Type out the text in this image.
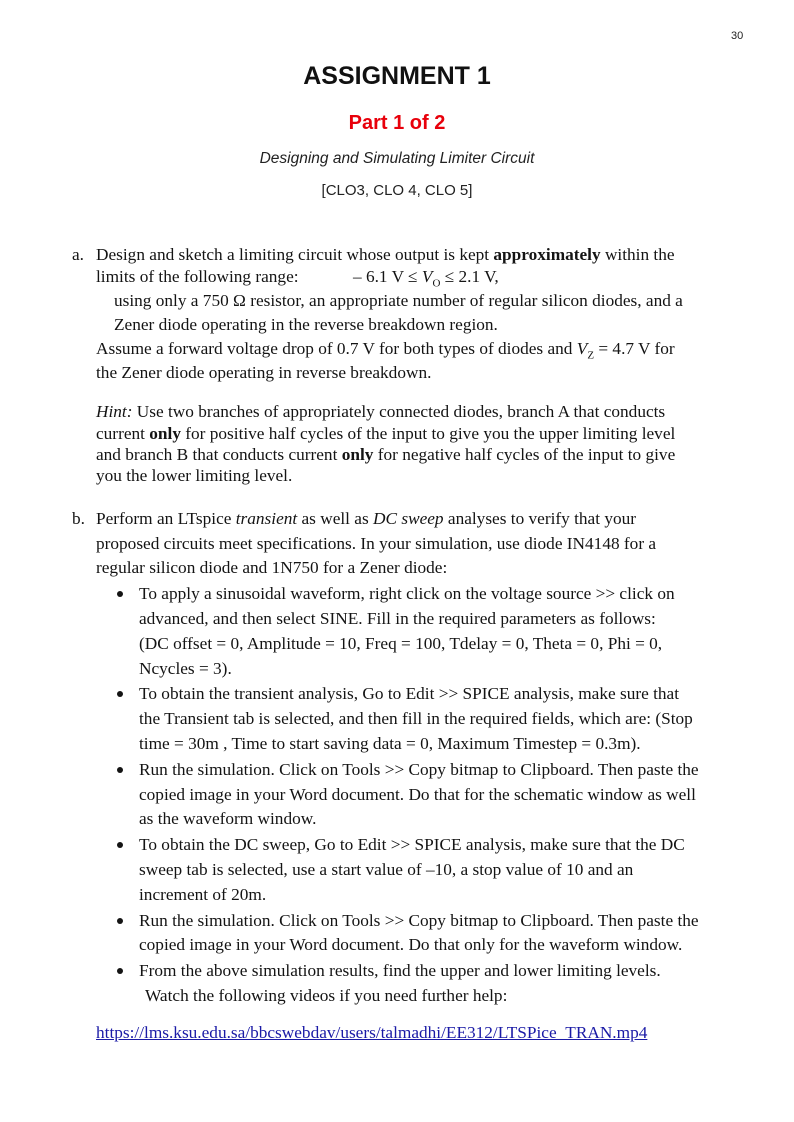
30
ASSIGNMENT 1
Part 1 of 2
Designing and Simulating Limiter Circuit
[CLO3, CLO 4, CLO 5]
a. Design and sketch a limiting circuit whose output is kept approximately within the
limits of the following range:	– 6.1 $V \le V_O \le 2.1$ V,
using only a 750 Ω resistor, an appropriate number of regular silicon diodes, and a
Zener diode operating in the reverse breakdown region.
Assume a forward voltage drop of 0.7 V for both types of diodes and $V_Z = 4.7$ V for
the Zener diode operating in reverse breakdown.
Hint: Use two branches of appropriately connected diodes, branch A that conducts
current only for positive half cycles of the input to give you the upper limiting level
and branch B that conducts current only for negative half cycles of the input to give
you the lower limiting level.
b. Perform an LTspice transient as well as DC sweep analyses to verify that your
proposed circuits meet specifications. In your simulation, use diode IN4148 for a
regular silicon diode and 1N750 for a Zener diode:
To apply a sinusoidal waveform, right click on the voltage source >> click on
advanced, and then select SINE. Fill in the required parameters as follows:
(DC offset = 0, Amplitude = 10, Freq = 100, Tdelay = 0, Theta = 0, Phi = 0,
Ncycles = 3).
To obtain the transient analysis, Go to Edit >> SPICE analysis, make sure that
the Transient tab is selected, and then fill in the required fields, which are: (Stop
time = 30m , Time to start saving data = 0, Maximum Timestep = 0.3m).
Run the simulation. Click on Tools >> Copy bitmap to Clipboard. Then paste the
copied image in your Word document. Do that for the schematic window as well
as the waveform window.
To obtain the DC sweep, Go to Edit >> SPICE analysis, make sure that the DC
sweep tab is selected, use a start value of –10, a stop value of 10 and an
increment of 20m.
Run the simulation. Click on Tools >> Copy bitmap to Clipboard. Then paste the
copied image in your Word document. Do that only for the waveform window.
From the above simulation results, find the upper and lower limiting levels.
Watch the following videos if you need further help:
https://lms.ksu.edu.sa/bbcswebdav/users/talmadhi/EE312/LTSPice_TRAN.mp4
